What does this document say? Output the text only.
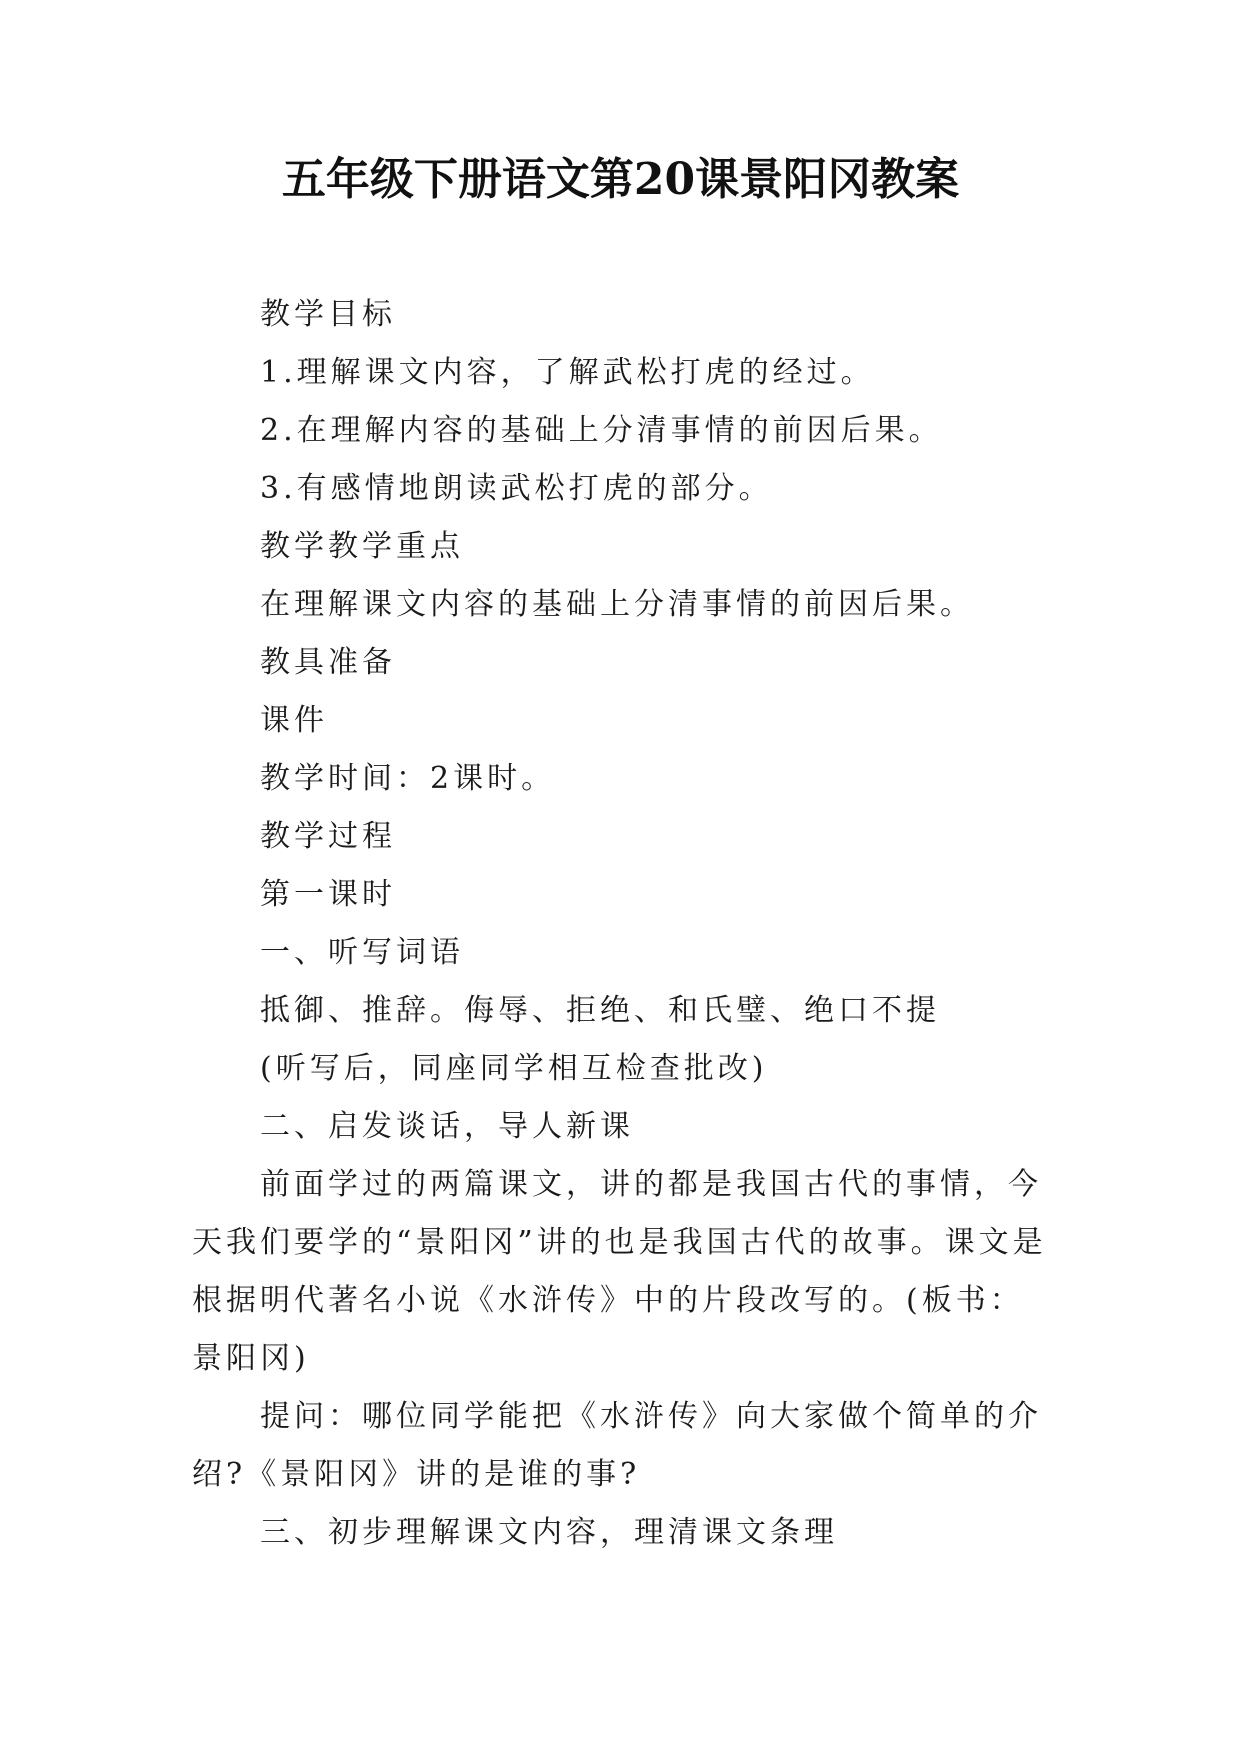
五年级下册语文第20课景阳冈教案

教学目标

1.理解课文内容，了解武松打虎的经过。

2.在理解内容的基础上分清事情的前因后果。

3.有感情地朗读武松打虎的部分。

教学教学重点

在理解课文内容的基础上分清事情的前因后果。

教具准备

课件

教学时间：2课时。

教学过程

第一课时

一、听写词语

抵御、推辞。侮辱、拒绝、和氏璧、绝口不提

(听写后，同座同学相互检查批改)

二、启发谈话，导人新课

前面学过的两篇课文，讲的都是我国古代的事情，今天我们要学的“景阳冈”讲的也是我国古代的故事。课文是根据明代著名小说《水浒传》中的片段改写的。(板书：景阳冈)

提问：哪位同学能把《水浒传》向大家做个简单的介绍?《景阳冈》讲的是谁的事?

三、初步理解课文内容，理清课文条理
